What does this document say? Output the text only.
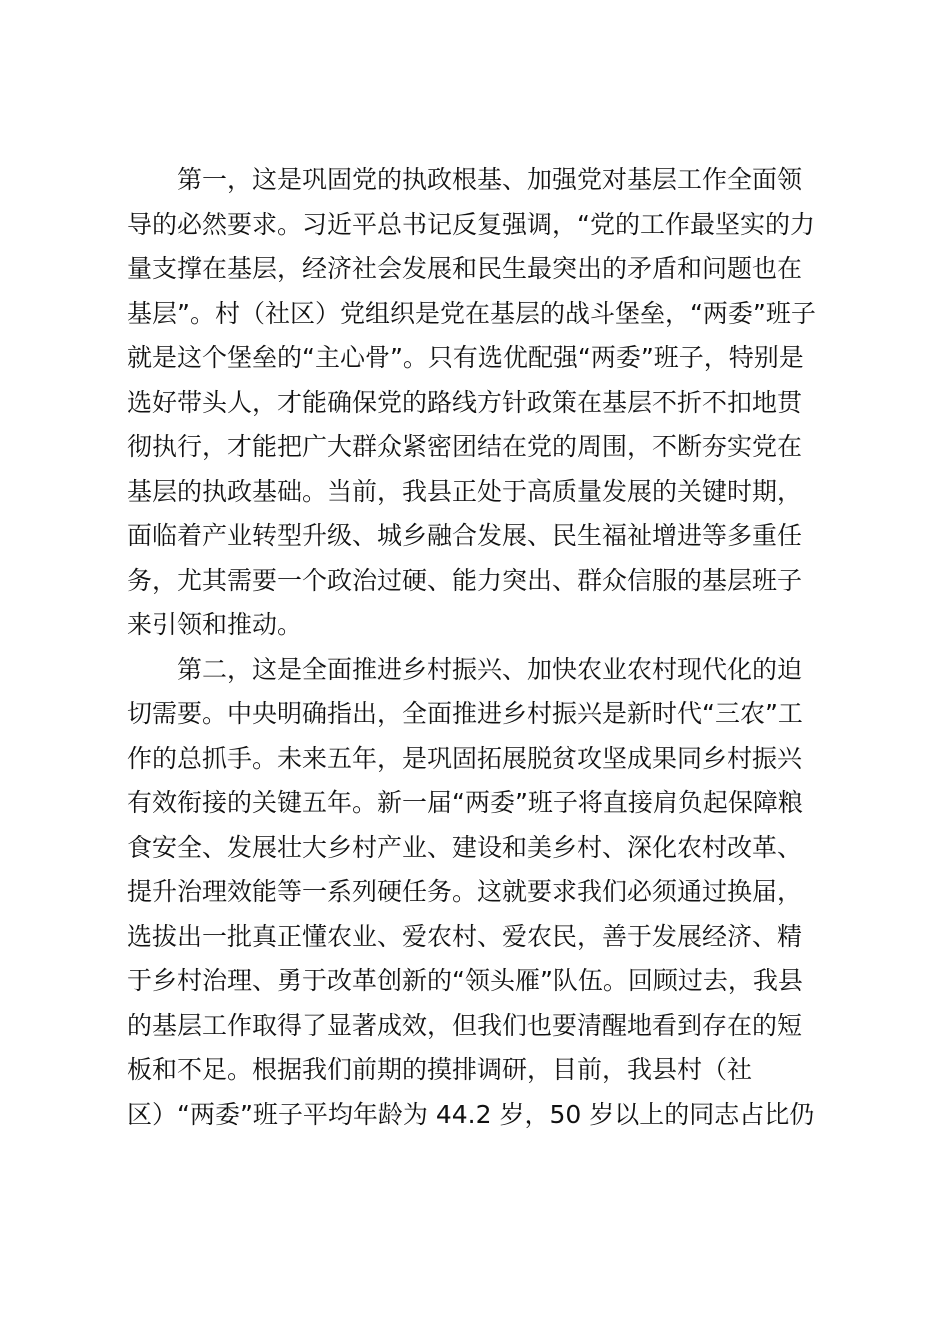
第一，这是巩固党的执政根基、加强党对基层工作全面领
导的必然要求。习近平总书记反复强调，“党的工作最坚实的力
量支撑在基层，经济社会发展和民生最突出的矛盾和问题也在
基层”。村（社区）党组织是党在基层的战斗堡垒，“两委”班子
就是这个堡垒的“主心骨”。只有选优配强“两委”班子，特别是
选好带头人，才能确保党的路线方针政策在基层不折不扣地贯
彻执行，才能把广大群众紧密团结在党的周围，不断夯实党在
基层的执政基础。当前，我县正处于高质量发展的关键时期，
面临着产业转型升级、城乡融合发展、民生福祉增进等多重任
务，尤其需要一个政治过硬、能力突出、群众信服的基层班子
来引领和推动。

第二，这是全面推进乡村振兴、加快农业农村现代化的迫
切需要。中央明确指出，全面推进乡村振兴是新时代“三农”工
作的总抓手。未来五年，是巩固拓展脱贫攻坚成果同乡村振兴
有效衔接的关键五年。新一届“两委”班子将直接肩负起保障粮
食安全、发展壮大乡村产业、建设和美乡村、深化农村改革、
提升治理效能等一系列硬任务。这就要求我们必须通过换届，
选拔出一批真正懂农业、爱农村、爱农民，善于发展经济、精
于乡村治理、勇于改革创新的“领头雁”队伍。回顾过去，我县
的基层工作取得了显著成效，但我们也要清醒地看到存在的短
板和不足。根据我们前期的摸排调研，目前，我县村（社
区）“两委”班子平均年龄为 44.2 岁，50 岁以上的同志占比仍
